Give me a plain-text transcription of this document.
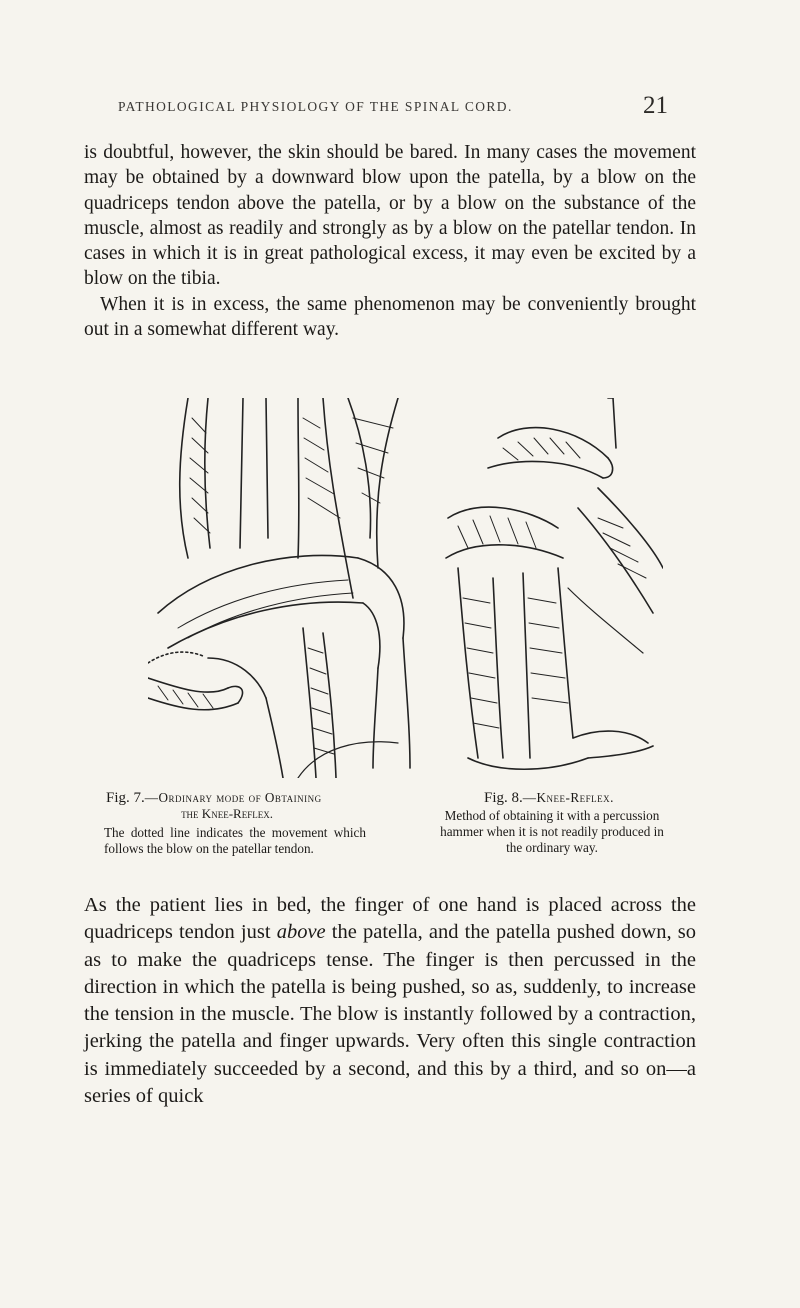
PATHOLOGICAL PHYSIOLOGY OF THE SPINAL CORD.	21

is doubtful, however, the skin should be bared. In many cases the movement may be obtained by a downward blow upon the patella, by a blow on the quadriceps tendon above the patella, or by a blow on the substance of the muscle, almost as readily and strongly as by a blow on the patellar tendon. In cases in which it is in great pathological excess, it may even be excited by a blow on the tibia.
When it is in excess, the same phenomenon may be conveniently brought out in a somewhat different way.

Fig. 7.—Ordinary mode of Obtaining
the Knee-Reflex.
The dotted line indicates the movement which follows the blow on the patellar tendon.
Fig. 8.—Knee-Reflex.
Method of obtaining it with a percussion hammer when it is not readily produced in the ordinary way.

As the patient lies in bed, the finger of one hand is placed across the quadriceps tendon just above the patella, and the patella pushed down, so as to make the quadriceps tense. The finger is then percussed in the direction in which the patella is being pushed, so as, suddenly, to increase the tension in the muscle. The blow is instantly followed by a contraction, jerking the patella and finger upwards. Very often this single contraction is immediately succeeded by a second, and this by a third, and so on—a series of quick
